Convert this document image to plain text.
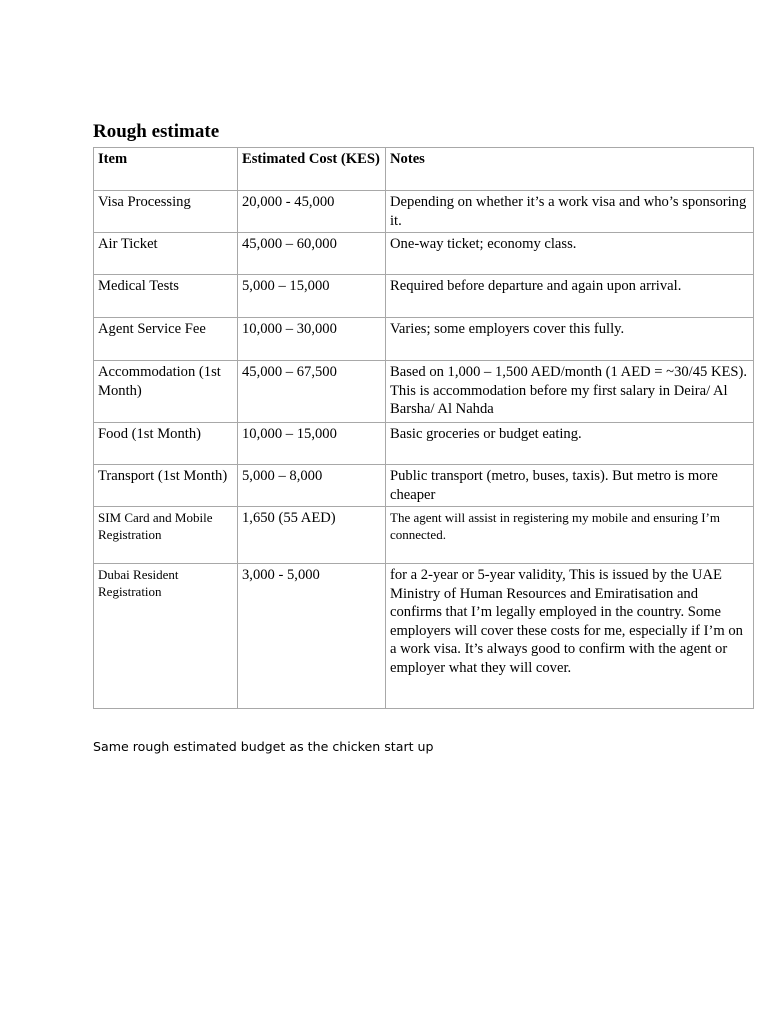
Rough estimate
Item	Estimated Cost (KES)	Notes
Visa Processing	20,000 - 45,000	Depending on whether it’s a work visa and who’s sponsoring it.
Air Ticket	45,000 – 60,000	One-way ticket; economy class.
Medical Tests	5,000 – 15,000	Required before departure and again upon arrival.
Agent Service Fee	10,000 – 30,000	Varies; some employers cover this fully.
Accommodation (1st Month)	45,000 – 67,500	Based on 1,000 – 1,500 AED/month (1 AED = ~30/45 KES). This is accommodation before my first salary in Deira/ Al Barsha/ Al Nahda
Food (1st Month)	10,000 – 15,000	Basic groceries or budget eating.
Transport (1st Month)	5,000 – 8,000	Public transport (metro, buses, taxis). But metro is more cheaper
SIM Card and Mobile Registration	1,650 (55 AED)	The agent will assist in registering my mobile and ensuring I’m connected.
Dubai Resident Registration	3,000 - 5,000	for a 2-year or 5-year validity, This is issued by the UAE Ministry of Human Resources and Emiratisation and confirms that I’m legally employed in the country. Some employers will cover these costs for me, especially if I’m on a work visa. It’s always good to confirm with the agent or employer what they will cover.

Same rough estimated budget as the chicken start up
